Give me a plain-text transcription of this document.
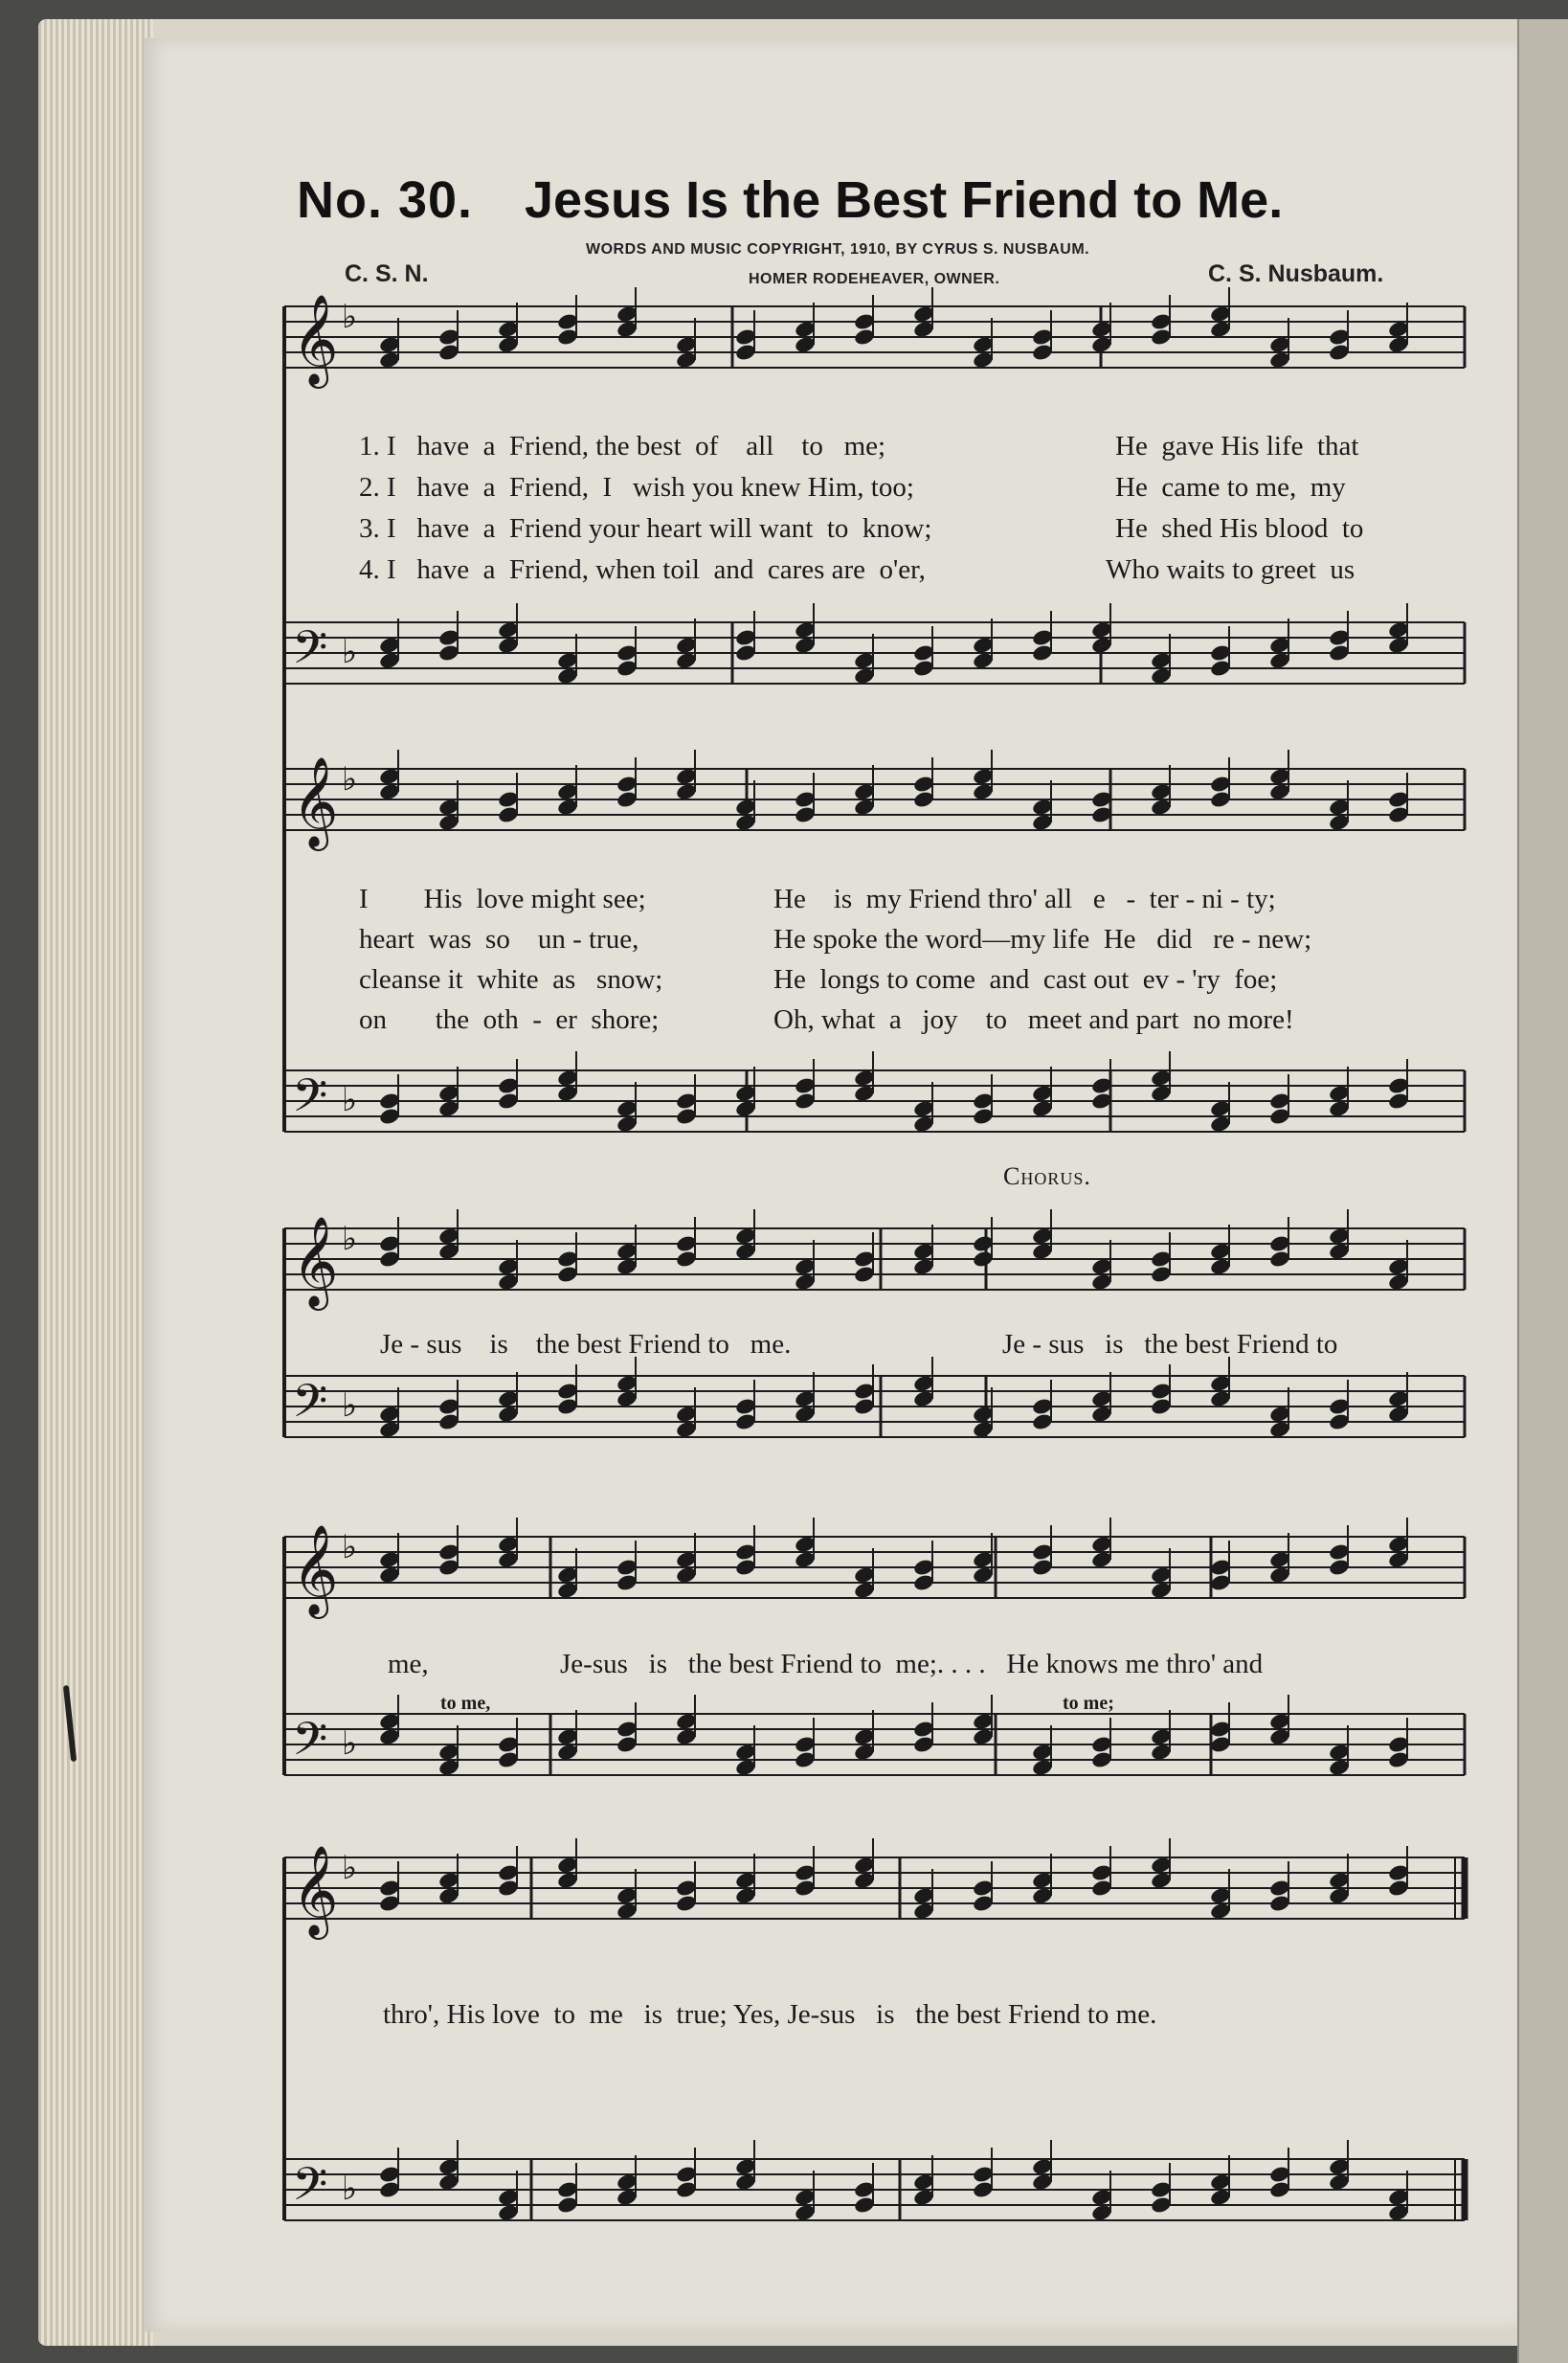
No. 30. Jesus Is the Best Friend to Me.
WORDS AND MUSIC COPYRIGHT, 1910, BY CYRUS S. NUSBAUM.
HOMER RODEHEAVER, OWNER.
C. S. N.	C. S. Nusbaum.
𝄞 ♭
𝄢 ♭
𝄞 ♭
𝄢 ♭
𝄞 ♭
𝄢 ♭
𝄞 ♭
𝄢 ♭
𝄞 ♭
𝄢 ♭
1. I   have  a  Friend, the best  of    all    to   me;
2. I   have  a  Friend,  I   wish you knew Him, too;
3. I   have  a  Friend your heart will want  to  know;
4. I   have  a  Friend, when toil  and  cares are  o'er,
He  gave His life  that
He  came to me,  my
He  shed His blood  to
Who waits to greet  us
I        His  love might see;
heart  was  so    un - true,
cleanse it  white  as   snow;
on       the  oth  -  er  shore;
He    is  my Friend thro' all   e   -  ter - ni - ty;
He spoke the word—my life  He   did   re - new;
He  longs to come  and  cast out  ev - 'ry  foe;
Oh, what  a   joy    to   meet and part  no more!
Chorus.
Je - sus    is    the best Friend to   me.	Je - sus   is   the best Friend to
me,	Je-sus   is   the best Friend to  me;. . . .   He knows me thro' and
to me,	to me;
thro', His love  to  me   is  true; Yes, Je-sus   is   the best Friend to me.
